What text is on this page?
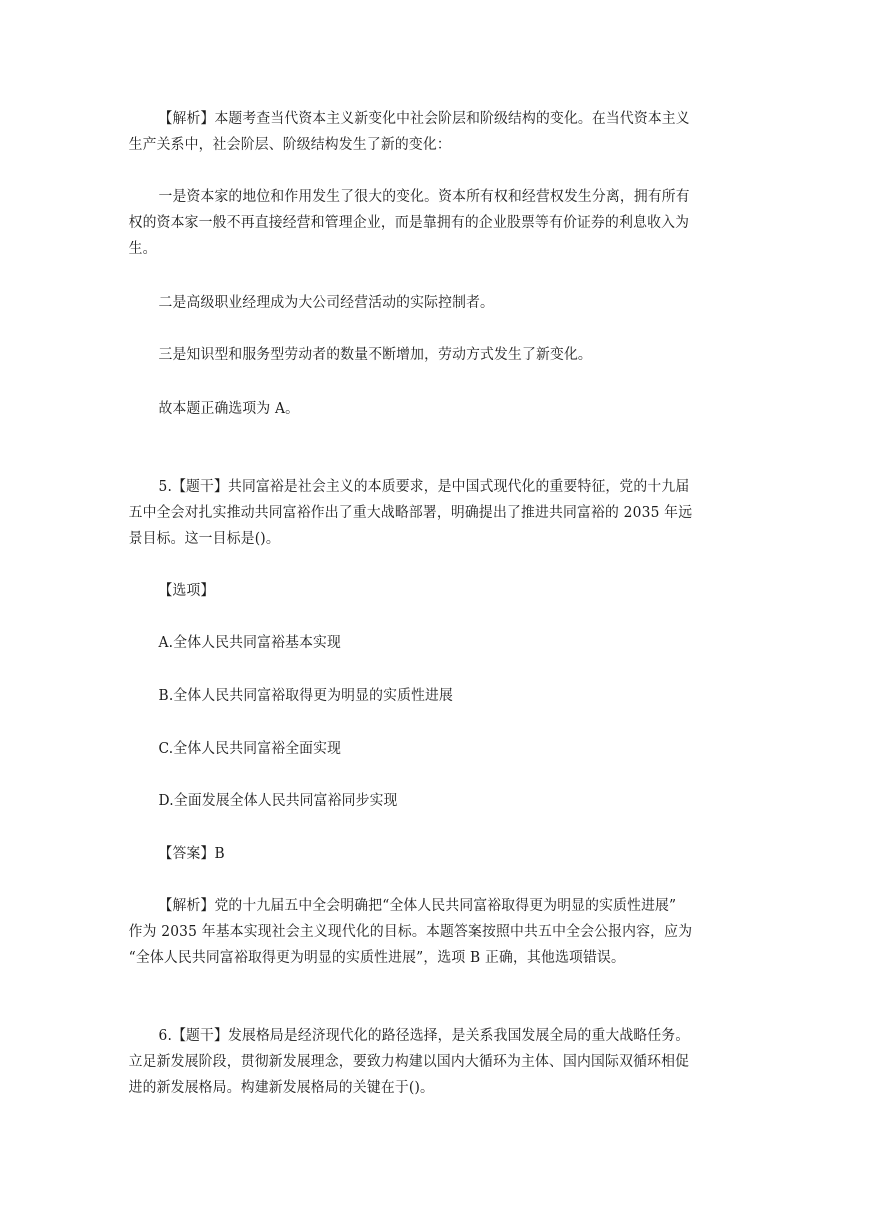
【解析】本题考查当代资本主义新变化中社会阶层和阶级结构的变化。在当代资本主义
生产关系中，社会阶层、阶级结构发生了新的变化：

一是资本家的地位和作用发生了很大的变化。资本所有权和经营权发生分离，拥有所有
权的资本家一般不再直接经营和管理企业，而是靠拥有的企业股票等有价证券的利息收入为
生。

二是高级职业经理成为大公司经营活动的实际控制者。

三是知识型和服务型劳动者的数量不断增加，劳动方式发生了新变化。

故本题正确选项为 A。

5.【题干】共同富裕是社会主义的本质要求，是中国式现代化的重要特征，党的十九届
五中全会对扎实推动共同富裕作出了重大战略部署，明确提出了推进共同富裕的 2035 年远
景目标。这一目标是()。

【选项】

A.全体人民共同富裕基本实现

B.全体人民共同富裕取得更为明显的实质性进展

C.全体人民共同富裕全面实现

D.全面发展全体人民共同富裕同步实现

【答案】B

【解析】党的十九届五中全会明确把“全体人民共同富裕取得更为明显的实质性进展”
作为 2035 年基本实现社会主义现代化的目标。本题答案按照中共五中全会公报内容，应为
“全体人民共同富裕取得更为明显的实质性进展”，选项 B 正确，其他选项错误。

6.【题干】发展格局是经济现代化的路径选择，是关系我国发展全局的重大战略任务。
立足新发展阶段，贯彻新发展理念，要致力构建以国内大循环为主体、国内国际双循环相促
进的新发展格局。构建新发展格局的关键在于()。
